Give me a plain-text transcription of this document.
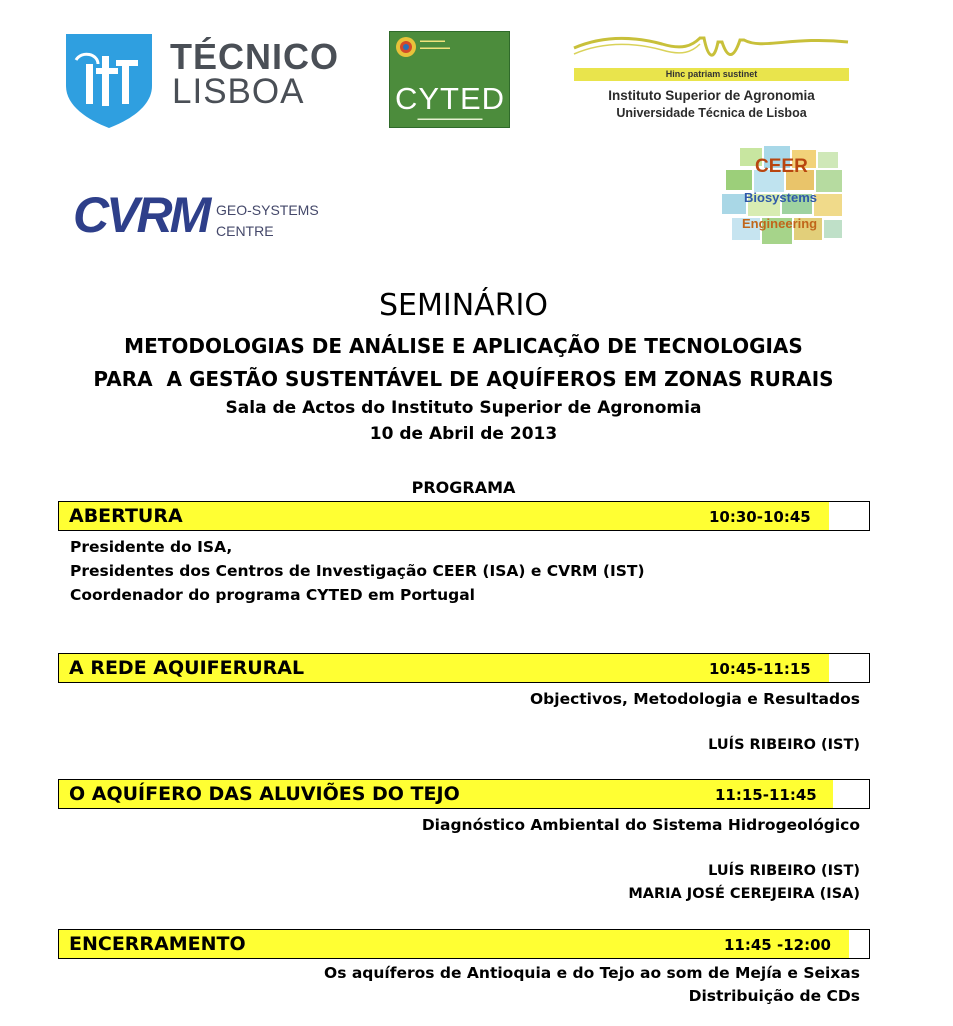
TÉCNICO
LISBOA
▬▬▬▬▬
▬▬▬▬▬▬
CYTED
▬▬▬▬▬▬▬▬▬▬▬▬▬
Hinc patriam sustinet
Instituto Superior de Agronomia
Universidade Técnica de Lisboa
CVRM GEO-SYSTEMS
CENTRE
CEER
Biosystems
Engineering
SEMINÁRIO
METODOLOGIAS DE ANÁLISE E APLICAÇÃO DE TECNOLOGIAS
PARA  A GESTÃO SUSTENTÁVEL DE AQUÍFEROS EM ZONAS RURAIS
Sala de Actos do Instituto Superior de Agronomia
10 de Abril de 2013
PROGRAMA
ABERTURA	10:30-10:45
Presidente do ISA,
Presidentes dos Centros de Investigação CEER (ISA) e CVRM (IST)
Coordenador do programa CYTED em Portugal
A REDE AQUIFERURAL	10:45-11:15
Objectivos, Metodologia e Resultados
LUÍS RIBEIRO (IST)
O AQUÍFERO DAS ALUVIÕES DO TEJO	11:15-11:45
Diagnóstico Ambiental do Sistema Hidrogeológico
LUÍS RIBEIRO (IST)
MARIA JOSÉ CEREJEIRA (ISA)
ENCERRAMENTO	11:45 -12:00
Os aquíferos de Antioquia e do Tejo ao som de Mejía e Seixas
Distribuição de CDs
